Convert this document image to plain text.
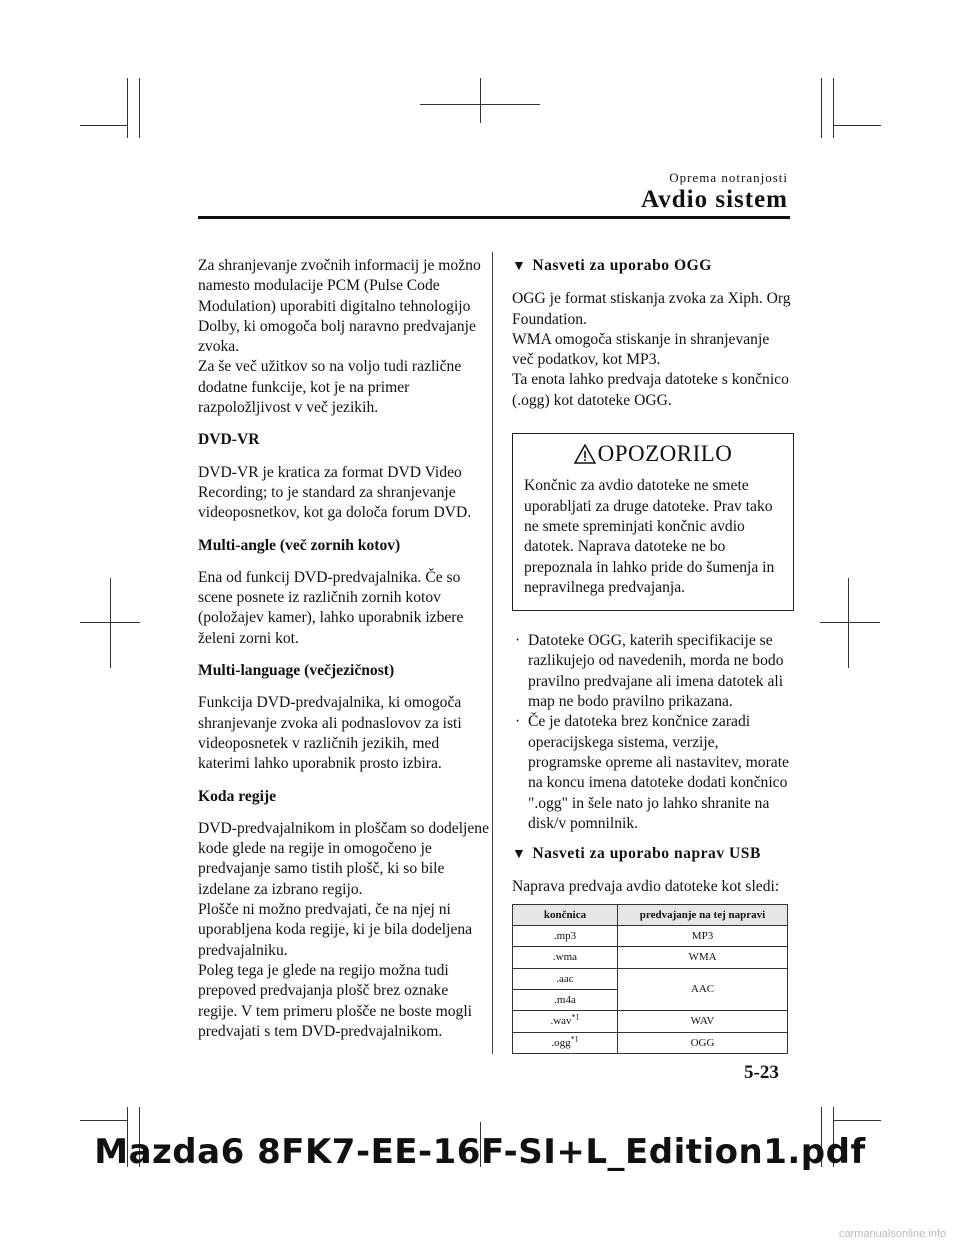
Oprema notranjosti
Avdio sistem

Za shranjevanje zvočnih informacij je možno namesto modulacije PCM (Pulse Code Modulation) uporabiti digitalno tehnologijo Dolby, ki omogoča bolj naravno predvajanje zvoka.

Za še več užitkov so na voljo tudi različne dodatne funkcije, kot je na primer razpoložljivost v več jezikih.

DVD-VR

DVD-VR je kratica za format DVD Video Recording; to je standard za shranjevanje videoposnetkov, kot ga določa forum DVD.

Multi-angle (več zornih kotov)

Ena od funkcij DVD-predvajalnika. Če so scene posnete iz različnih zornih kotov (položajev kamer), lahko uporabnik izbere želeni zorni kot.

Multi-language (večjezičnost)

Funkcija DVD-predvajalnika, ki omogoča shranjevanje zvoka ali podnaslovov za isti videoposnetek v različnih jezikih, med katerimi lahko uporabnik prosto izbira.

Koda regije

DVD-predvajalnikom in ploščam so dodeljene kode glede na regije in omogočeno je predvajanje samo tistih plošč, ki so bile izdelane za izbrano regijo.

Plošče ni možno predvajati, če na njej ni uporabljena koda regije, ki je bila dodeljena predvajalniku.

Poleg tega je glede na regijo možna tudi prepoved predvajanja plošč brez oznake regije. V tem primeru plošče ne boste mogli predvajati s tem DVD-predvajalnikom.

▼ Nasveti za uporabo OGG

OGG je format stiskanja zvoka za Xiph. Org Foundation.

WMA omogoča stiskanje in shranjevanje več podatkov, kot MP3.

Ta enota lahko predvaja datoteke s končnico (.ogg) kot datoteke OGG.

OPOZORILO
Končnic za avdio datoteke ne smete uporabljati za druge datoteke. Prav tako ne smete spreminjati končnic avdio datotek. Naprava datoteke ne bo prepoznala in lahko pride do šumenja in nepravilnega predvajanja.
· Datoteke OGG, katerih specifikacije se razlikujejo od navedenih, morda ne bodo pravilno predvajane ali imena datotek ali map ne bodo pravilno prikazana.
· Če je datoteka brez končnice zaradi operacijskega sistema, verzije, programske opreme ali nastavitev, morate na koncu imena datoteke dodati končnico ".ogg" in šele nato jo lahko shranite na disk/v pomnilnik.
▼ Nasveti za uporabo naprav USB

Naprava predvaja avdio datoteke kot sledi:

končnica	predvajanje na tej napravi
.mp3	MP3
.wma	WMA
.aac	AAC
.m4a	
.wav$^{*1}$	WAV
.ogg$^{*1}$	OGG
5-23
Mazda6 8FK7-EE-16F-SI+L_Edition1.pdf
carmanualsonline.info
